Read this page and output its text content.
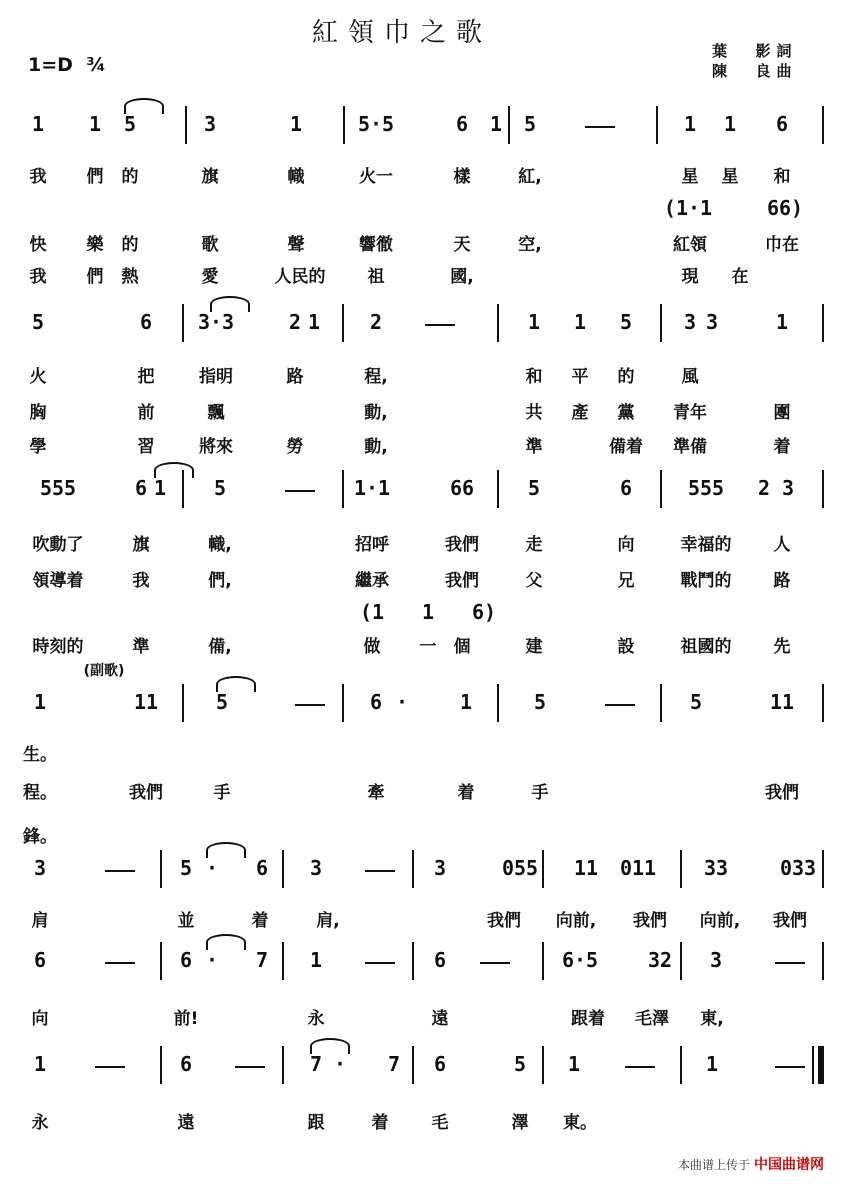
紅領巾之歌
1=D  ¾
葉  影詞
陳  良曲
1 1 5	3	1	5·5	6 1 5	1 1 6
我 們 的	旗	幟	火一	樣	紅,	星 星 和
快 樂 的	歌	聲	響徹	天	空,	紅領	巾在
我 們 熱	愛	人民的 祖	國,	現 在
(1·1	66)
5	6 3·3	2 1 2	1 1 5	3 3	1
火	把	指明	路	程,	和 平 的	風
胸	前	飄	動,	共 產 黨 青年	團
學	習	將來	勞	動,	準	備着 準備	着
555	6 1 5	1·1	66	5	6	555 2 3
吹動了	旗	幟,	招呼	我們	走	向	幸福的 人
領導着	我	們,	繼承	我們	父	兄	戰鬥的 路
時刻的	準	備,	做 一 個	建	設	祖國的 先
(1 1 6)
1	11	5	6 ·	1	5	5	11
生。
程。	我們	手	牽	着	手	我們
鋒。
(副歌)
3	5 · 6 3	3	055 11 011 33	033
肩	並	着	肩,	我們 向前, 我們 向前, 我們
6	6 · 7 1	6	6·5 32 3
向	前!	永	遠	跟着 毛澤 東,
1	6	7 · 7 6	5 1	1
永	遠	跟	着	毛	澤 東。
本曲谱上传于 中国曲谱网
